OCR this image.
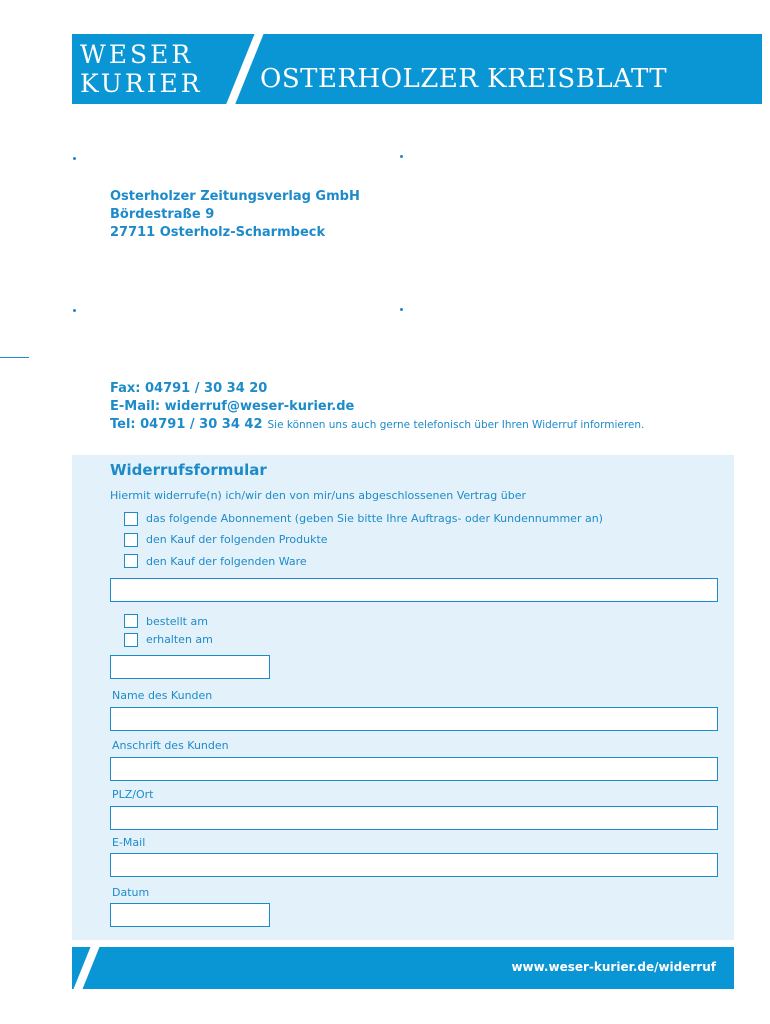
WESER
KURIER OSTERHOLZER KREISBLATT
Osterholzer Zeitungsverlag GmbH
Bördestraße 9
27711 Osterholz-Scharmbeck
Fax: 04791 / 30 34 20
E-Mail: widerruf@weser-kurier.de
Tel: 04791 / 30 34 42 Sie können uns auch gerne telefonisch über Ihren Widerruf informieren.
Widerrufsformular
Hiermit widerrufe(n) ich/wir den von mir/uns abgeschlossenen Vertrag über
das folgende Abonnement (geben Sie bitte Ihre Auftrags- oder Kundennummer an)
den Kauf der folgenden Produkte
den Kauf der folgenden Ware
bestellt am
erhalten am
Name des Kunden
Anschrift des Kunden
PLZ/Ort
E-Mail
Datum
www.weser-kurier.de/widerruf
